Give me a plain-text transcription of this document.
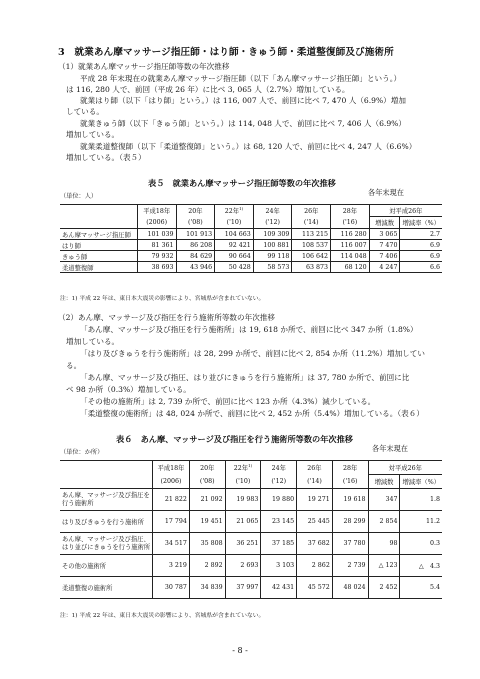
3　就業あん摩マッサージ指圧師・はり師・きゅう師・柔道整復師及び施術所
（1）就業あん摩マッサージ指圧師等数の年次推移
平成 28 年末現在の就業あん摩マッサージ指圧師（以下「あん摩マッサージ指圧師」という。）
は 116, 280 人で、前回（平成 26 年）に比べ 3, 065 人（2.7%）増加している。
就業はり師（以下「はり師」という。）は 116, 007 人で、前回に比べ 7, 470 人（6.9%）増加
している。
就業きゅう師（以下「きゅう師」という。）は 114, 048 人で、前回に比べ 7, 406 人（6.9%）
増加している。
就業柔道整復師（以下「柔道整復師」という。）は 68, 120 人で、前回に比べ 4, 247 人（6.6%）
増加している。（表５）
表５　就業あん摩マッサージ指圧師等数の年次推移
（単位：人）	各年末現在
	平成18年	20年	22年$^{1)}$	24年	26年	28年	対平成26年	
	(2006)	('08)	('10)	('12)	('14)	('16)	増減数	増減率（%）
あん摩マッサージ指圧師	101 039	101 913	104 663	109 309	113 215	116 280	3 065	2.7
はり師	81 361	86 208	92 421	100 881	108 537	116 007	7 470	6.9
きゅう師	79 932	84 629	90 664	99 118	106 642	114 048	7 406	6.9
柔道整復師	38 693	43 946	50 428	58 573	63 873	68 120	4 247	6.6
注：1) 平成 22 年は、東日本大震災の影響により、宮城県が含まれていない。
（2）あん摩、マッサージ及び指圧を行う施術所等数の年次推移
「あん摩、マッサージ及び指圧を行う施術所」は 19, 618 か所で、前回に比べ 347 か所（1.8%）
増加している。
「はり及びきゅうを行う施術所」は 28, 299 か所で、前回に比べ 2, 854 か所（11.2%）増加してい
る。
「あん摩、マッサージ及び指圧、はり並びにきゅうを行う施術所」は 37, 780 か所で、前回に比
べ 98 か所（0.3%）増加している。
「その他の施術所」は 2, 739 か所で、前回に比べ 123 か所（4.3%）減少している。
「柔道整復の施術所」は 48, 024 か所で、前回に比べ 2, 452 か所（5.4%）増加している。（表６）
表６　あん摩、マッサージ及び指圧を行う施術所等数の年次推移
（単位：か所）	各年末現在
	平成18年	20年	22年$^{1)}$	24年	26年	28年	対平成26年	
	(2006)	('08)	('10)	('12)	('14)	('16)	増減数	増減率（%）
あん摩、マッサージ及び指圧を
行う施術所	21 822	21 092	19 983	19 880	19 271	19 618	347	1.8
はり及びきゅうを行う施術所	17 794	19 451	21 065	23 145	25 445	28 299	2 854	11.2
あん摩、マッサージ及び指圧、
はり並びにきゅうを行う施術所	34 517	35 808	36 251	37 185	37 682	37 780	98	0.3
その他の施術所	3 219	2 892	2 693	3 103	2 862	2 739	△ 123	△　4.3
柔道整復の施術所	30 787	34 839	37 997	42 431	45 572	48 024	2 452	5.4
注：1) 平成 22 年は、東日本大震災の影響により、宮城県が含まれていない。
- 8 -
